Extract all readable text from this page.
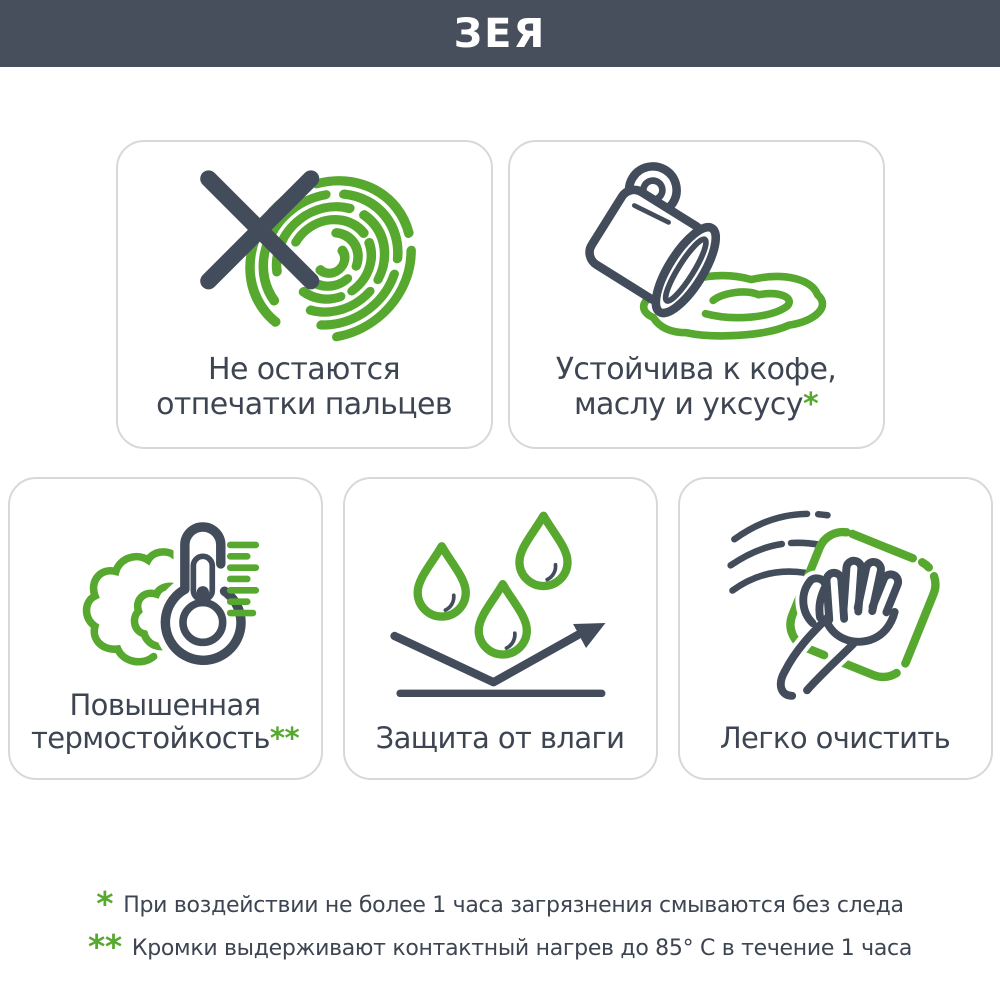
ЗЕЯ
Не остаются
отпечатки пальцев
Устойчива к кофе,
маслу и уксусу*
Повышенная
термостойкость**	Защита от влаги	Легко очистить
* При воздействии не более 1 часа загрязнения смываются без следа
** Кромки выдерживают контактный нагрев до 85° C в течение 1 часа
